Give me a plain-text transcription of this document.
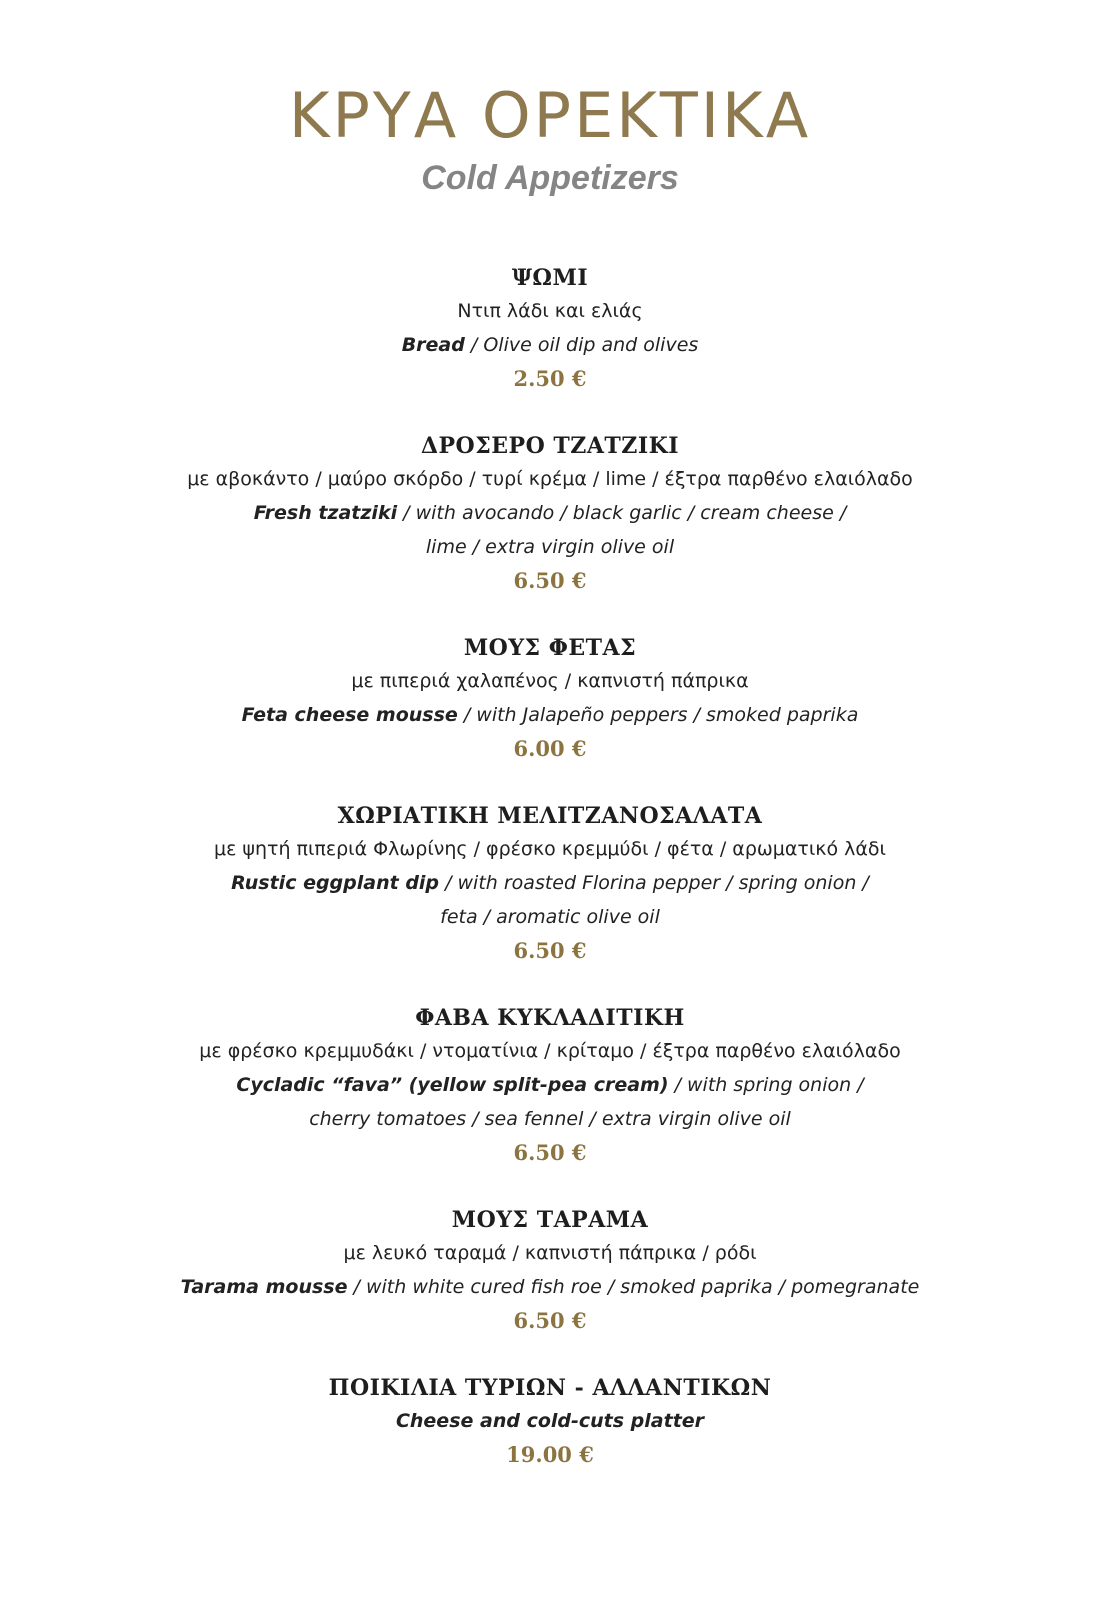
ΚΡΥΑ ΟΡΕΚΤΙΚΑ
Cold Appetizers
ΨΩΜΙ
Ντιπ λάδι και ελιάς
Bread / Olive oil dip and olives
2.50 €
ΔΡΟΣΕΡΟ ΤΖΑΤΖΙΚΙ
με αβοκάντο / μαύρο σκόρδο / τυρί κρέμα / lime / έξτρα παρθένο ελαιόλαδο
Fresh tzatziki / with avocando / black garlic / cream cheese /
lime / extra virgin olive oil
6.50 €
ΜΟΥΣ ΦΕΤΑΣ
με πιπεριά χαλαπένος / καπνιστή πάπρικα
Feta cheese mousse / with Jalapeño peppers / smoked paprika
6.00 €
ΧΩΡΙΑΤΙΚΗ ΜΕΛΙΤΖΑΝΟΣΑΛΑΤΑ
με ψητή πιπεριά Φλωρίνης / φρέσκο κρεμμύδι / φέτα / αρωματικό λάδι
Rustic eggplant dip / with roasted Florina pepper / spring onion /
feta / aromatic olive oil
6.50 €
ΦΑΒΑ ΚΥΚΛΑΔΙΤΙΚΗ
με φρέσκο κρεμμυδάκι / ντοματίνια / κρίταμο / έξτρα παρθένο ελαιόλαδο
Cycladic “fava” (yellow split-pea cream) / with spring onion /
cherry tomatoes / sea fennel / extra virgin olive oil
6.50 €
ΜΟΥΣ ΤΑΡΑΜΑ
με λευκό ταραμά / καπνιστή πάπρικα / ρόδι
Tarama mousse / with white cured fish roe / smoked paprika / pomegranate
6.50 €
ΠΟΙΚΙΛΙΑ ΤΥΡΙΩΝ - ΑΛΛΑΝΤΙΚΩΝ
Cheese and cold-cuts platter
19.00 €
